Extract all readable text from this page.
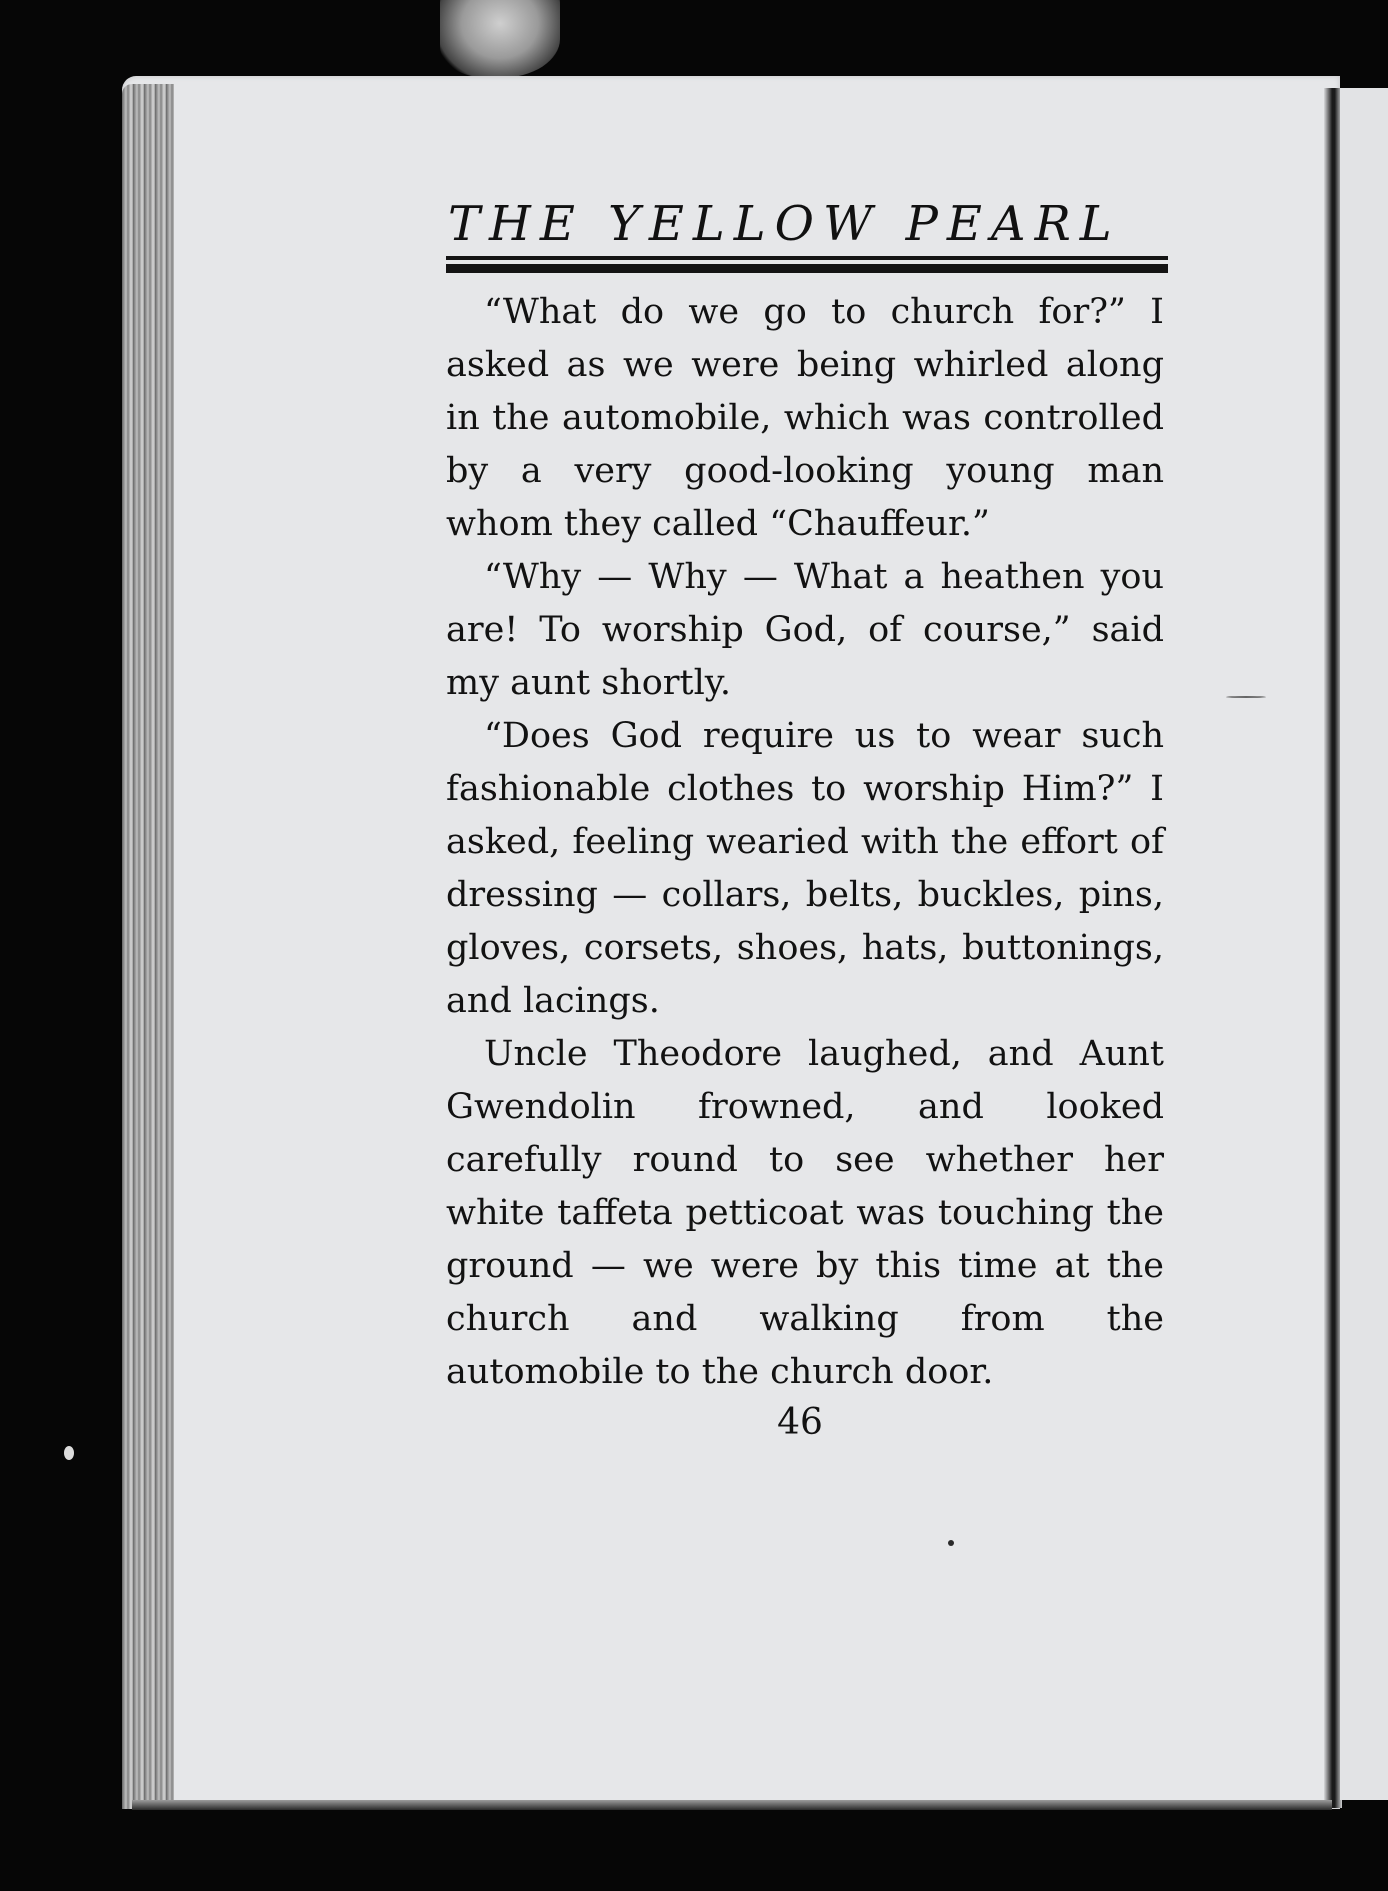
THE YELLOW PEARL

“What do we go to church for?” I asked as we were being whirled along in the automobile, which was controlled by a very good-looking young man whom they called “Chauffeur.”

“Why — Why — What a heathen you are! To worship God, of course,” said my aunt shortly.

“Does God require us to wear such fashionable clothes to worship Him?” I asked, feeling wearied with the effort of dressing — collars, belts, buckles, pins, gloves, corsets, shoes, hats, buttonings, and lacings.

Uncle Theodore laughed, and Aunt Gwendolin frowned, and looked carefully round to see whether her white taffeta petticoat was touching the ground — we were by this time at the church and walking from the automobile to the church door.

46
